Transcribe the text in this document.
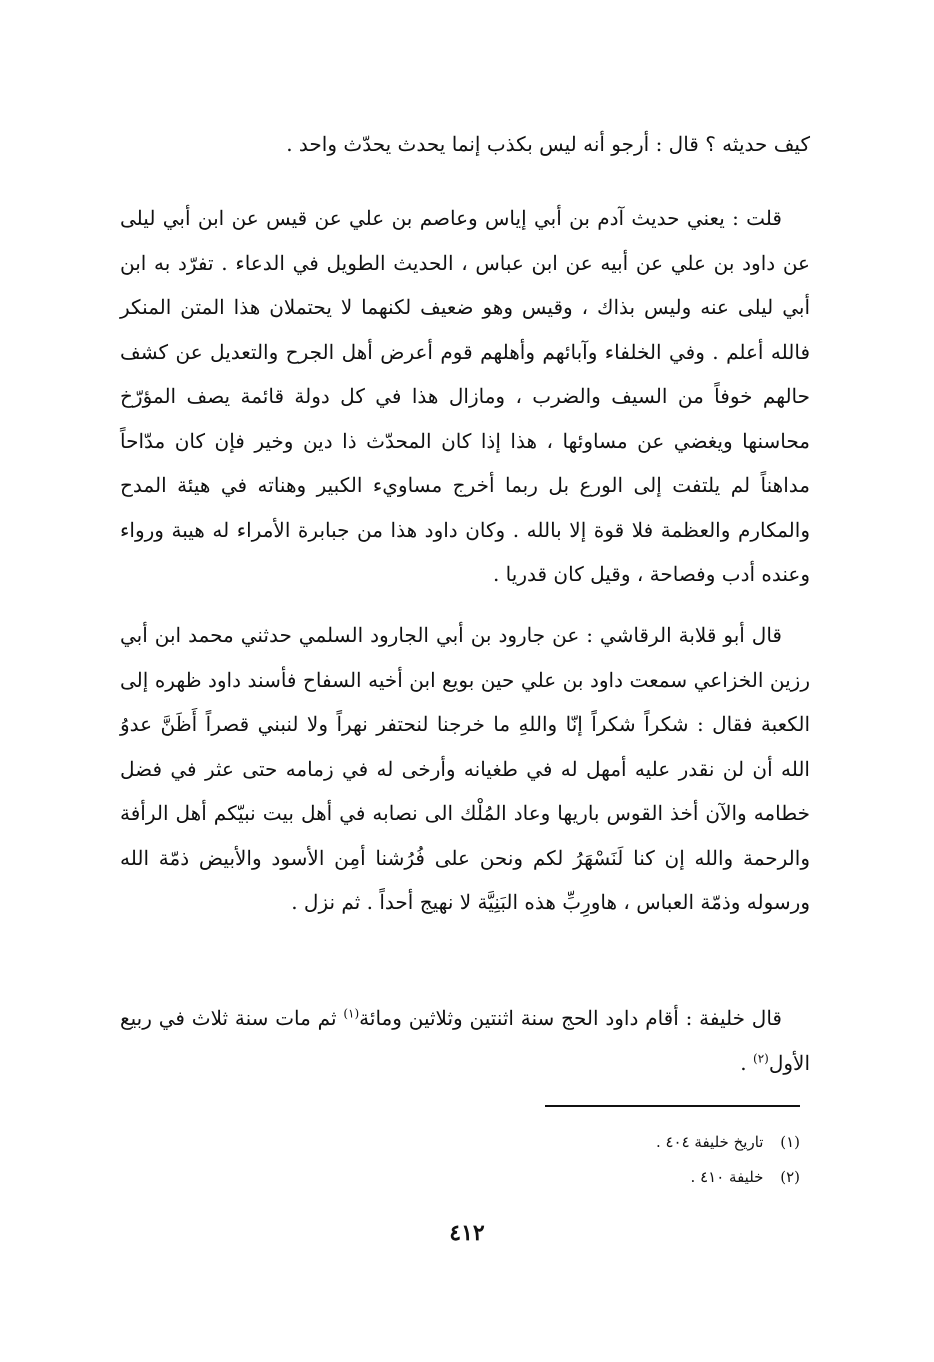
كيف حديثه ؟ قال : أرجو أنه ليس بكذب إنما يحدث يحدّث واحد .

قلت : يعني حديث آدم بن أبي إياس وعاصم بن علي عن قيس عن ابن أبي ليلى عن داود بن علي عن أبيه عن ابن عباس ، الحديث الطويل في الدعاء . تفرّد به ابن أبي ليلى عنه وليس بذاك ، وقيس وهو ضعيف لكنهما لا يحتملان هذا المتن المنكر فالله أعلم . وفي الخلفاء وآبائهم وأهلهم قوم أعرض أهل الجرح والتعديل عن كشف حالهم خوفاً من السيف والضرب ، ومازال هذا في كل دولة قائمة يصف المؤرّخ محاسنها ويغضي عن مساوئها ، هذا إذا كان المحدّث ذا دين وخير فإن كان مدّاحاً مداهناً لم يلتفت إلى الورع بل ربما أخرج مساويء الكبير وهناته في هيئة المدح والمكارم والعظمة فلا قوة إلا بالله . وكان داود هذا من جبابرة الأمراء له هيبة ورواء وعنده أدب وفصاحة ، وقيل كان قدريا .

قال أبو قلابة الرقاشي : عن جارود بن أبي الجارود السلمي حدثني محمد ابن أبي رزين الخزاعي سمعت داود بن علي حين بويع ابن أخيه السفاح فأسند داود ظهره إلى الكعبة فقال : شكراً شكراً إنّا واللهِ ما خرجنا لنحتفر نهراً ولا لنبني قصراً أَظَنَّ عدوُ الله أن لن نقدر عليه أمهل له في طغيانه وأرخى له في زمامه حتى عثر في فضل خطامه والآن أخذ القوس باريها وعاد المُلْك الى نصابه في أهل بيت نبيّكم أهل الرأفة والرحمة والله إن كنا لَنَسْهَرُ لكم ونحن على فُرُشنا أمِن الأسود والأبيض ذمّة الله ورسوله وذمّة العباس ، هاورِبِّ هذه البَنِيَّة لا نهيج أحداً . ثم نزل .

قال خليفة : أقام داود الحج سنة اثنتين وثلاثين ومائة$^{(١)}$ ثم مات سنة ثلاث في ربيع الأول$^{(٢)}$ .

(١) تاريخ خليفة ٤٠٤ .
(٢) خليفة ٤١٠ .
٤١٢
